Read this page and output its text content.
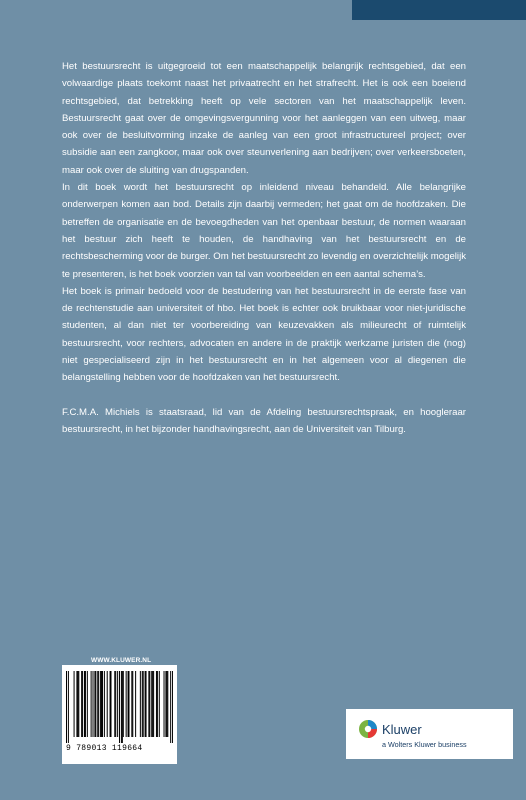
Het bestuursrecht is uitgegroeid tot een maatschappelijk belangrijk rechtsgebied, dat een volwaardige plaats toekomt naast het privaatrecht en het strafrecht. Het is ook een boeiend rechtsgebied, dat betrekking heeft op vele sectoren van het maatschappelijk leven. Bestuursrecht gaat over de omgevingsvergunning voor het aanleggen van een uitweg, maar ook over de besluitvorming inzake de aanleg van een groot infrastructureel project; over subsidie aan een zangkoor, maar ook over steunverlening aan bedrijven; over verkeersboeten, maar ook over de sluiting van drugspanden.

In dit boek wordt het bestuursrecht op inleidend niveau behandeld. Alle belangrijke onderwerpen komen aan bod. Details zijn daarbij vermeden; het gaat om de hoofdzaken. Die betreffen de organisatie en de bevoegdheden van het openbaar bestuur, de normen waaraan het bestuur zich heeft te houden, de handhaving van het bestuursrecht en de rechtsbescherming voor de burger. Om het bestuursrecht zo levendig en overzichtelijk mogelijk te presenteren, is het boek voorzien van tal van voorbeelden en een aantal schema’s.

Het boek is primair bedoeld voor de bestudering van het bestuursrecht in de eerste fase van de rechtenstudie aan universiteit of hbo. Het boek is echter ook bruikbaar voor niet-juridische studenten, al dan niet ter voorbereiding van keuzevakken als milieurecht of ruimtelijk bestuursrecht, voor rechters, advocaten en andere in de praktijk werkzame juristen die (nog) niet gespecialiseerd zijn in het bestuursrecht en in het algemeen voor al diegenen die belangstelling hebben voor de hoofdzaken van het bestuursrecht.

F.C.M.A. Michiels is staatsraad, lid van de Afdeling bestuursrechtspraak, en hoogleraar bestuursrecht, in het bijzonder handhavingsrecht, aan de Universiteit van Tilburg.

WWW.KLUWER.NL
9 789013 119664
Kluwer
a Wolters Kluwer business
